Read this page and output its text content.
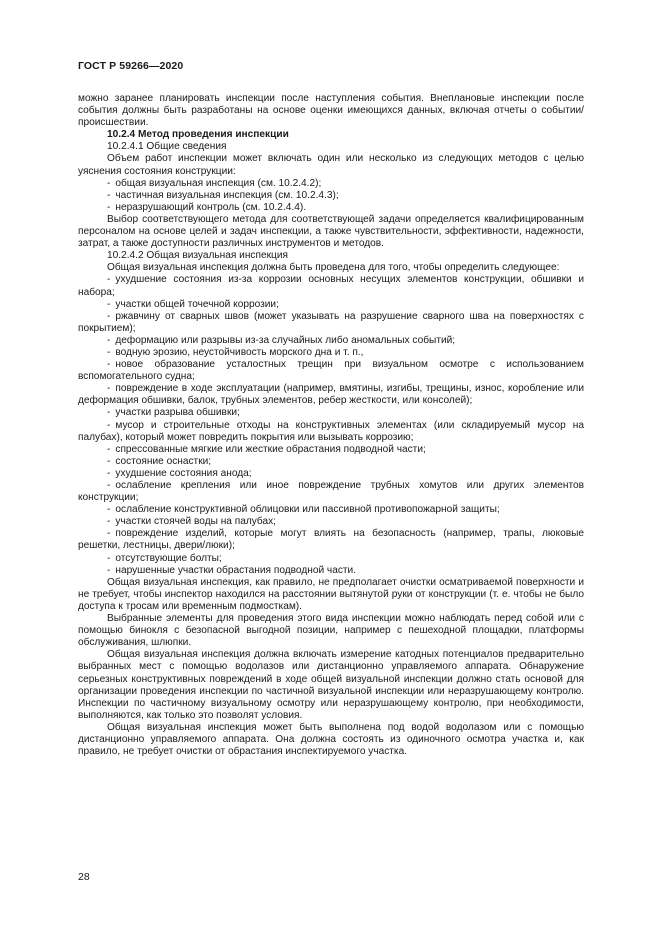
ГОСТ Р 59266—2020

можно заранее планировать инспекции после наступления события. Внеплановые инспекции после события должны быть разработаны на основе оценки имеющихся данных, включая отчеты о событии/происшествии.

10.2.4 Метод проведения инспекции

10.2.4.1 Общие сведения

Объем работ инспекции может включать один или несколько из следующих методов с целью уяснения состояния конструкции:

- общая визуальная инспекция (см. 10.2.4.2);

- частичная визуальная инспекция (см. 10.2.4.3);

- неразрушающий контроль (см. 10.2.4.4).

Выбор соответствующего метода для соответствующей задачи определяется квалифицированным персоналом на основе целей и задач инспекции, а также чувствительности, эффективности, надежности, затрат, а также доступности различных инструментов и методов.

10.2.4.2 Общая визуальная инспекция

Общая визуальная инспекция должна быть проведена для того, чтобы определить следующее:

- ухудшение состояния из-за коррозии основных несущих элементов конструкции, обшивки и набора;

- участки общей точечной коррозии;

- ржавчину от сварных швов (может указывать на разрушение сварного шва на поверхностях с покрытием);

- деформацию или разрывы из-за случайных либо аномальных событий;

- водную эрозию, неустойчивость морского дна и т. п.,

- новое образование усталостных трещин при визуальном осмотре с использованием вспомогательного судна;

- повреждение в ходе эксплуатации (например, вмятины, изгибы, трещины, износ, коробление или деформация обшивки, балок, трубных элементов, ребер жесткости, или консолей);

- участки разрыва обшивки;

- мусор и строительные отходы на конструктивных элементах (или складируемый мусор на палубах), который может повредить покрытия или вызывать коррозию;

- спрессованные мягкие или жесткие обрастания подводной части;

- состояние оснастки;

- ухудшение состояния анода;

- ослабление крепления или иное повреждение трубных хомутов или других элементов конструкции;

- ослабление конструктивной облицовки или пассивной противопожарной защиты;

- участки стоячей воды на палубах;

- повреждение изделий, которые могут влиять на безопасность (например, трапы, люковые решетки, лестницы, двери/люки);

- отсутствующие болты;

- нарушенные участки обрастания подводной части.

Общая визуальная инспекция, как правило, не предполагает очистки осматриваемой поверхности и не требует, чтобы инспектор находился на расстоянии вытянутой руки от конструкции (т. е. чтобы не было доступа к тросам или временным подмосткам).

Выбранные элементы для проведения этого вида инспекции можно наблюдать перед собой или с помощью бинокля с безопасной выгодной позиции, например с пешеходной площадки, платформы обслуживания, шлюпки.

Общая визуальная инспекция должна включать измерение катодных потенциалов предварительно выбранных мест с помощью водолазов или дистанционно управляемого аппарата. Обнаружение серьезных конструктивных повреждений в ходе общей визуальной инспекции должно стать основой для организации проведения инспекции по частичной визуальной инспекции или неразрушающему контролю. Инспекции по частичному визуальному осмотру или неразрушающему контролю, при необходимости, выполняются, как только это позволят условия.

Общая визуальная инспекция может быть выполнена под водой водолазом или с помощью дистанционно управляемого аппарата. Она должна состоять из одиночного осмотра участка и, как правило, не требует очистки от обрастания инспектируемого участка.

28
